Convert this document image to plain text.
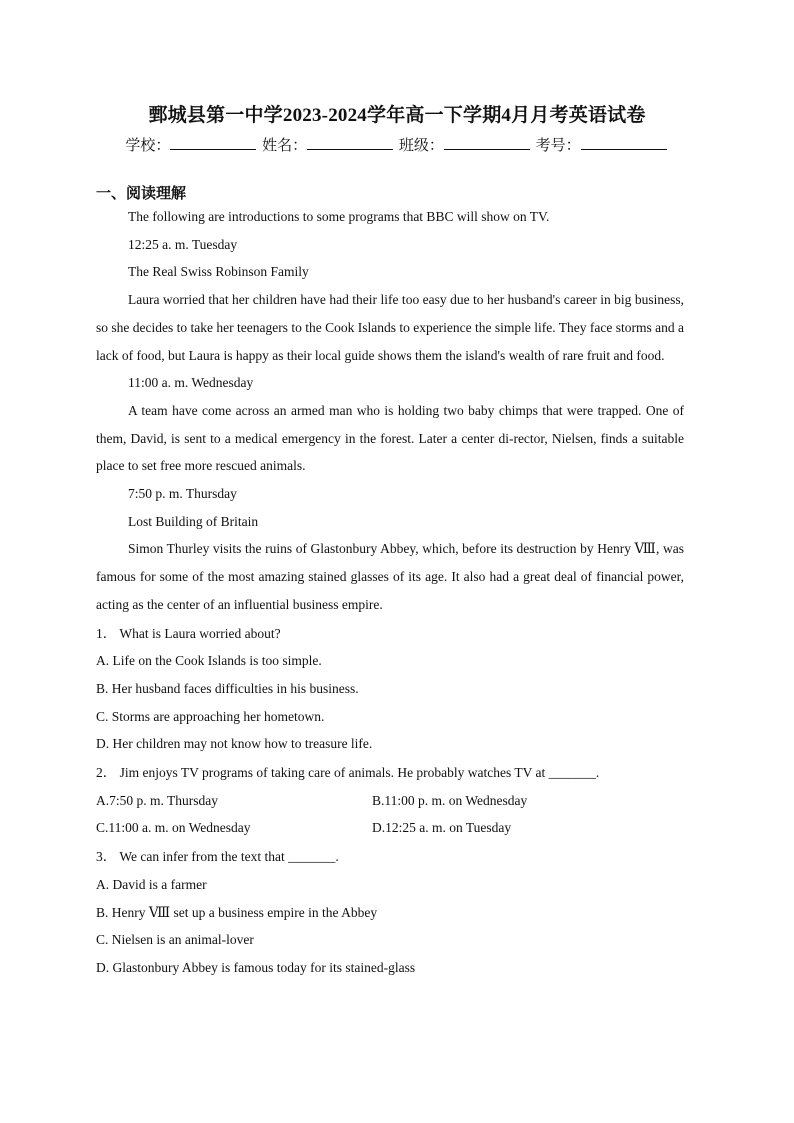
鄄城县第一中学2023-2024学年高一下学期4月月考英语试卷
学校：	姓名：	班级：	考号：
一、阅读理解

The following are introductions to some programs that BBC will show on TV.

12:25 a. m. Tuesday

The Real Swiss Robinson Family

Laura worried that her children have had their life too easy due to her husband's career in big business, so she decides to take her teenagers to the Cook Islands to experience the simple life. They face storms and a lack of food, but Laura is happy as their local guide shows them the island's wealth of rare fruit and food.

11:00 a. m. Wednesday

A team have come across an armed man who is holding two baby chimps that were trapped. One of them, David, is sent to a medical emergency in the forest. Later a center di-rector, Nielsen, finds a suitable place to set free more rescued animals.

7:50 p. m. Thursday

Lost Building of Britain

Simon Thurley visits the ruins of Glastonbury Abbey, which, before its destruction by Henry Ⅷ, was famous for some of the most amazing stained glasses of its age. It also had a great deal of financial power, acting as the center of an influential business empire.

1． What is Laura worried about?

A. Life on the Cook Islands is too simple.

B. Her husband faces difficulties in his business.

C. Storms are approaching her hometown.

D. Her children may not know how to treasure life.

2． Jim enjoys TV programs of taking care of animals. He probably watches TV at _______.

A.7:50 p. m. Thursday	B.11:00 p. m. on Wednesday
C.11:00 a. m. on Wednesday	D.12:25 a. m. on Tuesday

3． We can infer from the text that _______.

A. David is a farmer

B. Henry Ⅷ set up a business empire in the Abbey

C. Nielsen is an animal-lover

D. Glastonbury Abbey is famous today for its stained-glass
